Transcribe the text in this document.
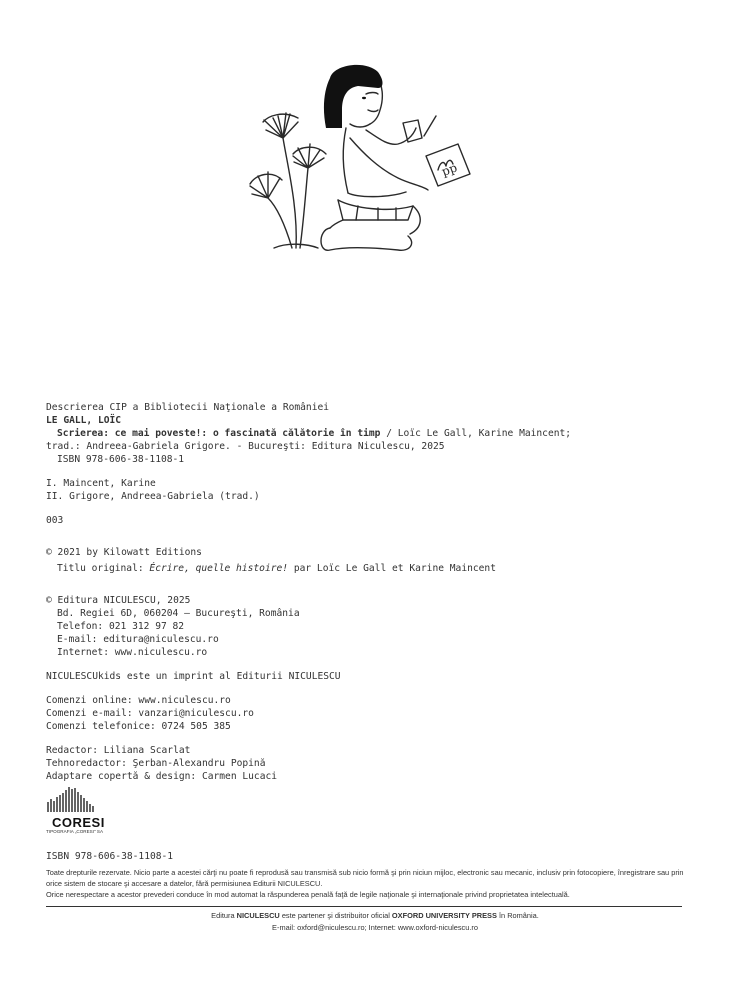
pp
Descrierea CIP a Bibliotecii Naţionale a României
LE GALL, LOÏC
Scrierea: ce mai poveste!: o fascinată călătorie în timp / Loïc Le Gall, Karine Maincent;
trad.: Andreea-Gabriela Grigore. - Bucureşti: Editura Niculescu, 2025
ISBN 978-606-38-1108-1
I. Maincent, Karine
II. Grigore, Andreea-Gabriela (trad.)
003
© 2021 by Kilowatt Editions
Titlu original: Écrire, quelle histoire! par Loïc Le Gall et Karine Maincent
© Editura NICULESCU, 2025
Bd. Regiei 6D, 060204 – Bucureşti, România
Telefon: 021 312 97 82
E-mail: editura@niculescu.ro
Internet: www.niculescu.ro
NICULESCUkids este un imprint al Editurii NICULESCU
Comenzi online: www.niculescu.ro
Comenzi e-mail: vanzari@niculescu.ro
Comenzi telefonice: 0724 505 385
Redactor: Liliana Scarlat
Tehnoredactor: Şerban-Alexandru Popină
Adaptare copertă & design: Carmen Lucaci
CORESI
TIPOGRAFIA „CORESI" SA
ISBN 978-606-38-1108-1
Toate drepturile rezervate. Nicio parte a acestei cărţi nu poate fi reprodusă sau transmisă sub nicio formă şi prin niciun mijloc, electronic sau mecanic, inclusiv prin fotocopiere, înregistrare sau prin
orice sistem de stocare şi accesare a datelor, fără permisiunea Editurii NICULESCU.
Orice nerespectare a acestor prevederi conduce în mod automat la răspunderea penală faţă de legile naţionale şi internaţionale privind proprietatea intelectuală.
Editura NICULESCU este partener şi distribuitor oficial OXFORD UNIVERSITY PRESS în România.
E-mail: oxford@niculescu.ro; Internet: www.oxford-niculescu.ro
